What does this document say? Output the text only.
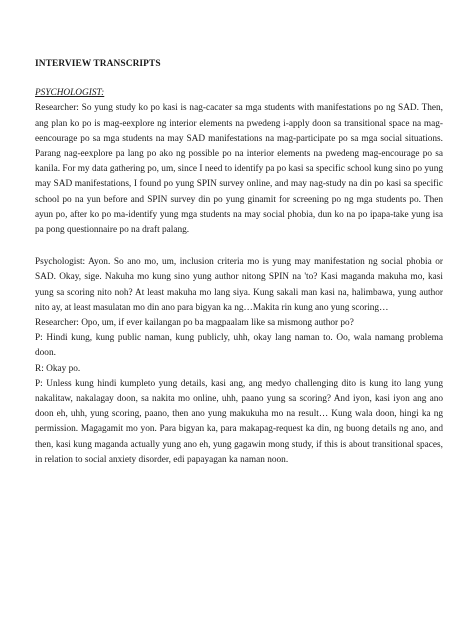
INTERVIEW TRANSCRIPTS

PSYCHOLOGIST:

Researcher: So yung study ko po kasi is nag-cacater sa mga students with manifestations po ng SAD. Then, ang plan ko po is mag-eexplore ng interior elements na pwedeng i-apply doon sa transitional space na mag-eencourage po sa mga students na may SAD manifestations na mag-participate po sa mga social situations. Parang nag-eexplore pa lang po ako ng possible po na interior elements na pwedeng mag-encourage po sa kanila. For my data gathering po, um, since I need to identify pa po kasi sa specific school kung sino po yung may SAD manifestations, I found po yung SPIN survey online, and may nag-study na din po kasi sa specific school po na yun before and SPIN survey din po yung ginamit for screening po ng mga students po. Then ayun po, after ko po ma-identify yung mga students na may social phobia, dun ko na po ipapa-take yung isa pa pong questionnaire po na draft palang.

Psychologist: Ayon. So ano mo, um, inclusion criteria mo is yung may manifestation ng social phobia or SAD. Okay, sige. Nakuha mo kung sino yung author nitong SPIN na 'to? Kasi maganda makuha mo, kasi yung sa scoring nito noh? At least makuha mo lang siya. Kung sakali man kasi na, halimbawa, yung author nito ay, at least masulatan mo din ano para bigyan ka ng…Makita rin kung ano yung scoring…

Researcher: Opo, um, if ever kailangan po ba magpaalam like sa mismong author po?

P: Hindi kung, kung public naman, kung publicly, uhh, okay lang naman to. Oo, wala namang problema doon.

R: Okay po.

P: Unless kung hindi kumpleto yung details, kasi ang, ang medyo challenging dito is kung ito lang yung nakalitaw, nakalagay doon, sa nakita mo online, uhh, paano yung sa scoring? And iyon, kasi iyon ang ano doon eh, uhh, yung scoring, paano, then ano yung makukuha mo na result… Kung wala doon, hingi ka ng permission. Magagamit mo yon. Para bigyan ka, para makapag-request ka din, ng buong details ng ano, and then, kasi kung maganda actually yung ano eh, yung gagawin mong study, if this is about transitional spaces, in relation to social anxiety disorder, edi papayagan ka naman noon.
